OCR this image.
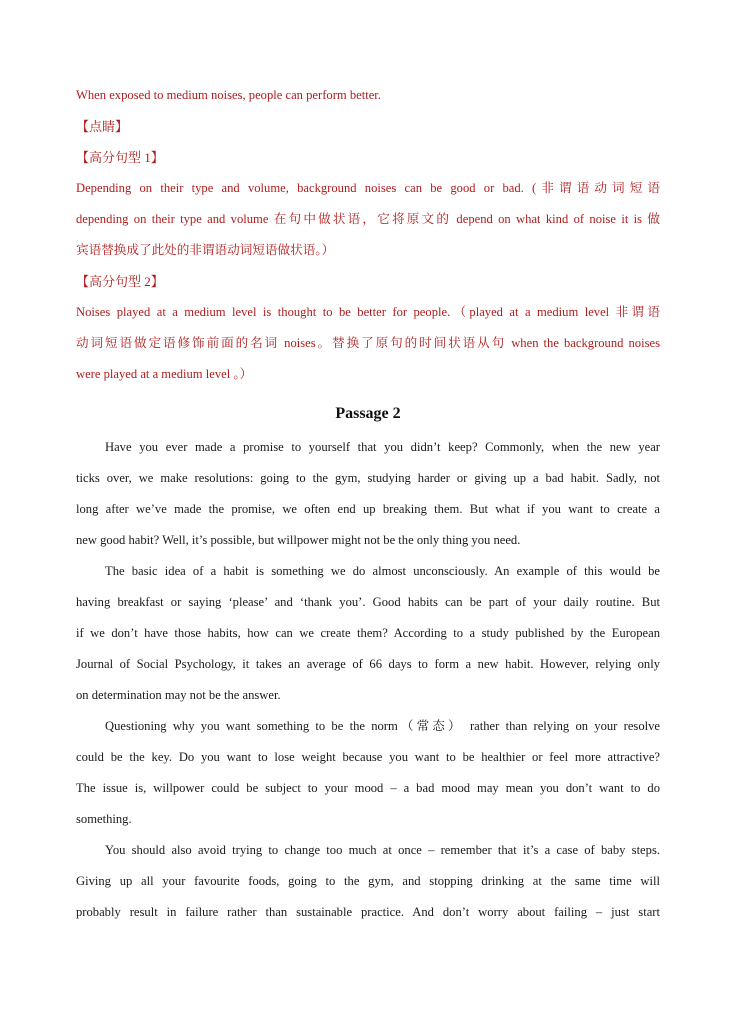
When exposed to medium noises, people can perform better.
【点睛】
【高分句型 1】
Depending on their type and volume, background noises can be good or bad. (非谓语动词短语
depending on their type and volume 在句中做状语，它将原文的 depend on what kind of noise it is 做
宾语替换成了此处的非谓语动词短语做状语。）
【高分句型 2】
Noises played at a medium level is thought to be better for people.（played at a medium level 非谓语
动词短语做定语修饰前面的名词 noises。替换了原句的时间状语从句 when the background noises
were played at a medium level 。）
Passage 2
Have you ever made a promise to yourself that you didn’t keep? Commonly, when the new year
ticks over, we make resolutions: going to the gym, studying harder or giving up a bad habit. Sadly, not
long after we’ve made the promise, we often end up breaking them. But what if you want to create a
new good habit? Well, it’s possible, but willpower might not be the only thing you need.
The basic idea of a habit is something we do almost unconsciously. An example of this would be
having breakfast or saying ‘please’ and ‘thank you’. Good habits can be part of your daily routine. But
if we don’t have those habits, how can we create them? According to a study published by the European
Journal of Social Psychology, it takes an average of 66 days to form a new habit. However, relying only
on determination may not be the answer.
Questioning why you want something to be the norm（常态） rather than relying on your resolve
could be the key. Do you want to lose weight because you want to be healthier or feel more attractive?
The issue is, willpower could be subject to your mood – a bad mood may mean you don’t want to do
something.
You should also avoid trying to change too much at once – remember that it’s a case of baby steps.
Giving up all your favourite foods, going to the gym, and stopping drinking at the same time will
probably result in failure rather than sustainable practice. And don’t worry about failing – just start
